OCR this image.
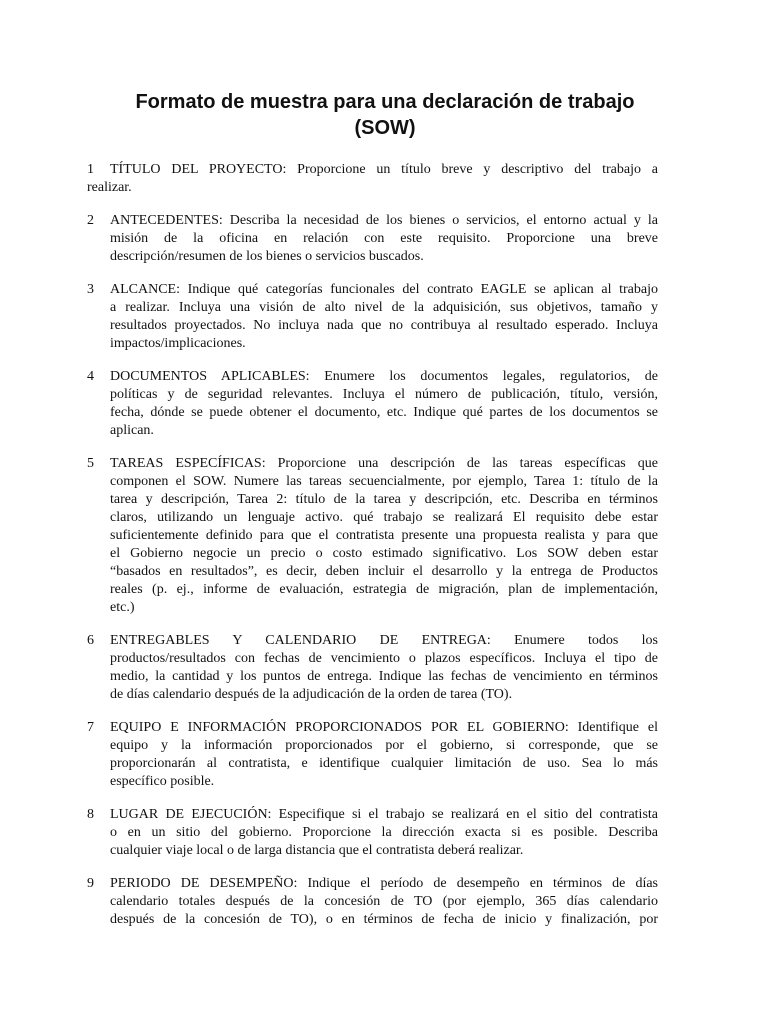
Formato de muestra para una declaración de trabajo
(SOW)
1	TÍTULO DEL PROYECTO: Proporcione un título breve y descriptivo del trabajo a
realizar.
2 ANTECEDENTES: Describa la necesidad de los bienes o servicios, el entorno actual y la
misión de la oficina en relación con este requisito. Proporcione una breve
descripción/resumen de los bienes o servicios buscados.
3 ALCANCE: Indique qué categorías funcionales del contrato EAGLE se aplican al trabajo
a realizar. Incluya una visión de alto nivel de la adquisición, sus objetivos, tamaño y
resultados proyectados. No incluya nada que no contribuya al resultado esperado. Incluya
impactos/implicaciones.
4 DOCUMENTOS APLICABLES: Enumere los documentos legales, regulatorios, de
políticas y de seguridad relevantes. Incluya el número de publicación, título, versión,
fecha, dónde se puede obtener el documento, etc. Indique qué partes de los documentos se
aplican.
5 TAREAS ESPECÍFICAS: Proporcione una descripción de las tareas específicas que
componen el SOW. Numere las tareas secuencialmente, por ejemplo, Tarea 1: título de la
tarea y descripción, Tarea 2: título de la tarea y descripción, etc. Describa en términos
claros, utilizando un lenguaje activo. qué trabajo se realizará El requisito debe estar
suficientemente definido para que el contratista presente una propuesta realista y para que
el Gobierno negocie un precio o costo estimado significativo. Los SOW deben estar
“basados en resultados”, es decir, deben incluir el desarrollo y la entrega de Productos
reales (p. ej., informe de evaluación, estrategia de migración, plan de implementación,
etc.)
6 ENTREGABLES Y CALENDARIO DE ENTREGA: Enumere todos los
productos/resultados con fechas de vencimiento o plazos específicos. Incluya el tipo de
medio, la cantidad y los puntos de entrega. Indique las fechas de vencimiento en términos
de días calendario después de la adjudicación de la orden de tarea (TO).
7 EQUIPO E INFORMACIÓN PROPORCIONADOS POR EL GOBIERNO: Identifique el
equipo y la información proporcionados por el gobierno, si corresponde, que se
proporcionarán al contratista, e identifique cualquier limitación de uso. Sea lo más
específico posible.
8 LUGAR DE EJECUCIÓN: Especifique si el trabajo se realizará en el sitio del contratista
o en un sitio del gobierno. Proporcione la dirección exacta si es posible. Describa
cualquier viaje local o de larga distancia que el contratista deberá realizar.
9 PERIODO DE DESEMPEÑO: Indique el período de desempeño en términos de días
calendario totales después de la concesión de TO (por ejemplo, 365 días calendario
después de la concesión de TO), o en términos de fecha de inicio y finalización, por
